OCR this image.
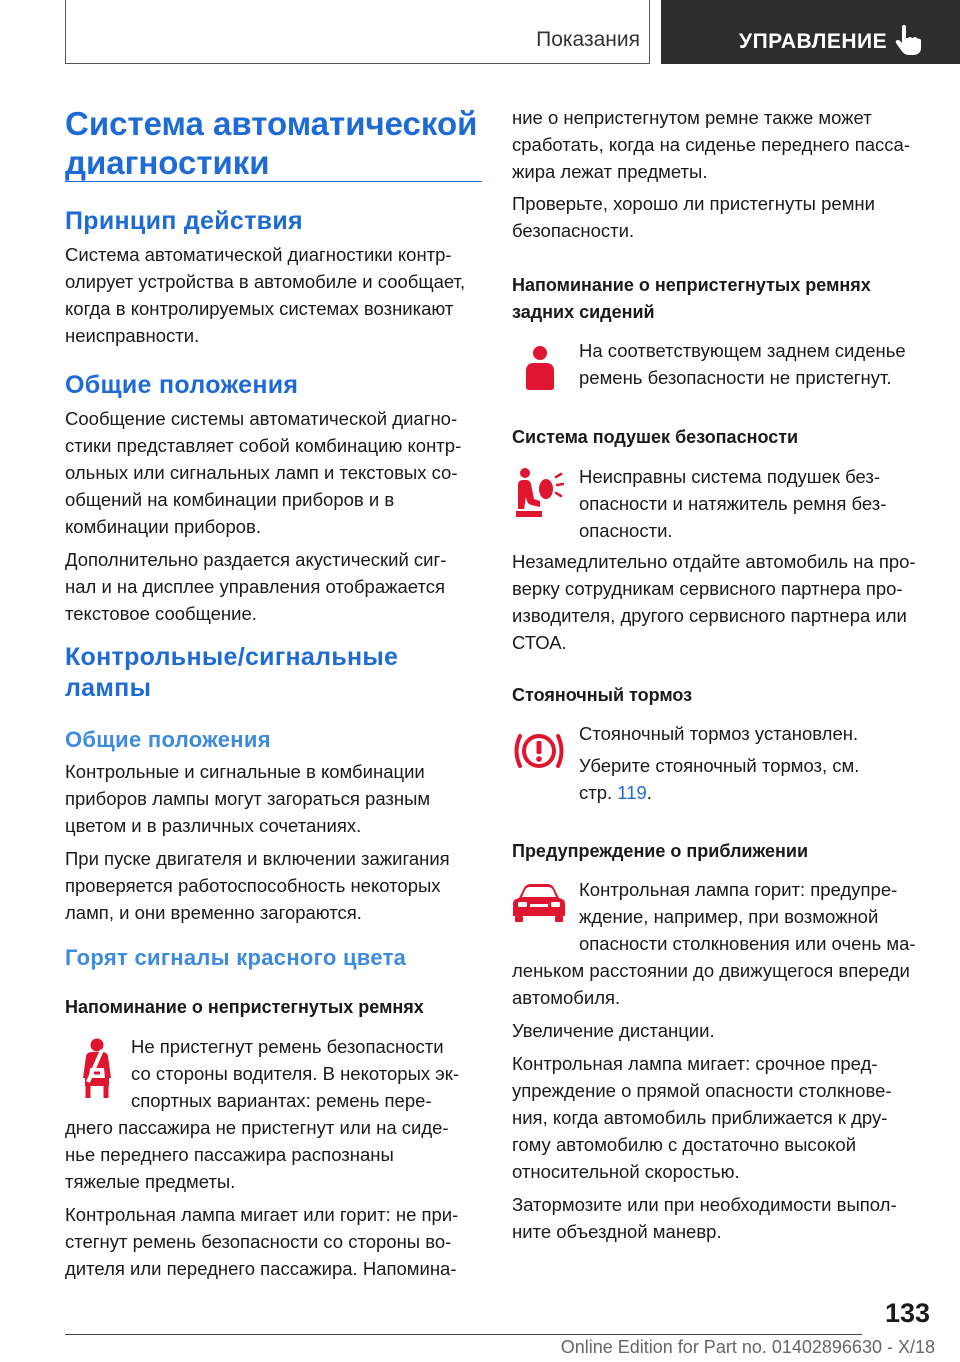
Показания	УПРАВЛЕНИЕ
Система автоматической
диагностики
Принцип действия
Система автоматической диагностики контр-
олирует устройства в автомобиле и сообщает,
когда в контролируемых системах возникают
неисправности.
Общие положения
Сообщение системы автоматической диагно-
стики представляет собой комбинацию контр-
ольных или сигнальных ламп и текстовых со-
общений на комбинации приборов и в
комбинации приборов.
Дополнительно раздается акустический сиг-
нал и на дисплее управления отображается
текстовое сообщение.
Контрольные/сигнальные
лампы
Общие положения
Контрольные и сигнальные в комбинации
приборов лампы могут загораться разным
цветом и в различных сочетаниях.
При пуске двигателя и включении зажигания
проверяется работоспособность некоторых
ламп, и они временно загораются.
Горят сигналы красного цвета
Напоминание о непристегнутых ремнях
Не пристегнут ремень безопасности
со стороны водителя. В некоторых эк-
спортных вариантах: ремень пере-
днего пассажира не пристегнут или на сиде-
нье переднего пассажира распознаны
тяжелые предметы.
Контрольная лампа мигает или горит: не при-
стегнут ремень безопасности со стороны во-
дителя или переднего пассажира. Напомина-
ние о непристегнутом ремне также может
сработать, когда на сиденье переднего пасса-
жира лежат предметы.
Проверьте, хорошо ли пристегнуты ремни
безопасности.
Напоминание о непристегнутых ремнях
задних сидений
На соответствующем заднем сиденье
ремень безопасности не пристегнут.
Система подушек безопасности
Неисправны система подушек без-
опасности и натяжитель ремня без-
опасности.
Незамедлительно отдайте автомобиль на про-
верку сотрудникам сервисного партнера про-
изводителя, другого сервисного партнера или
СТОА.
Стояночный тормоз
Стояночный тормоз установлен.
Уберите стояночный тормоз, см.
стр. 119.
Предупреждение о приближении
Контрольная лампа горит: предупре-
ждение, например, при возможной
опасности столкновения или очень ма-
леньком расстоянии до движущегося впереди
автомобиля.
Увеличение дистанции.
Контрольная лампа мигает: срочное пред-
упреждение о прямой опасности столкнове-
ния, когда автомобиль приближается к дру-
гому автомобилю с достаточно высокой
относительной скоростью.
Затормозите или при необходимости выпол-
ните объездной маневр.
133
Online Edition for Part no. 01402896630 - X/18
